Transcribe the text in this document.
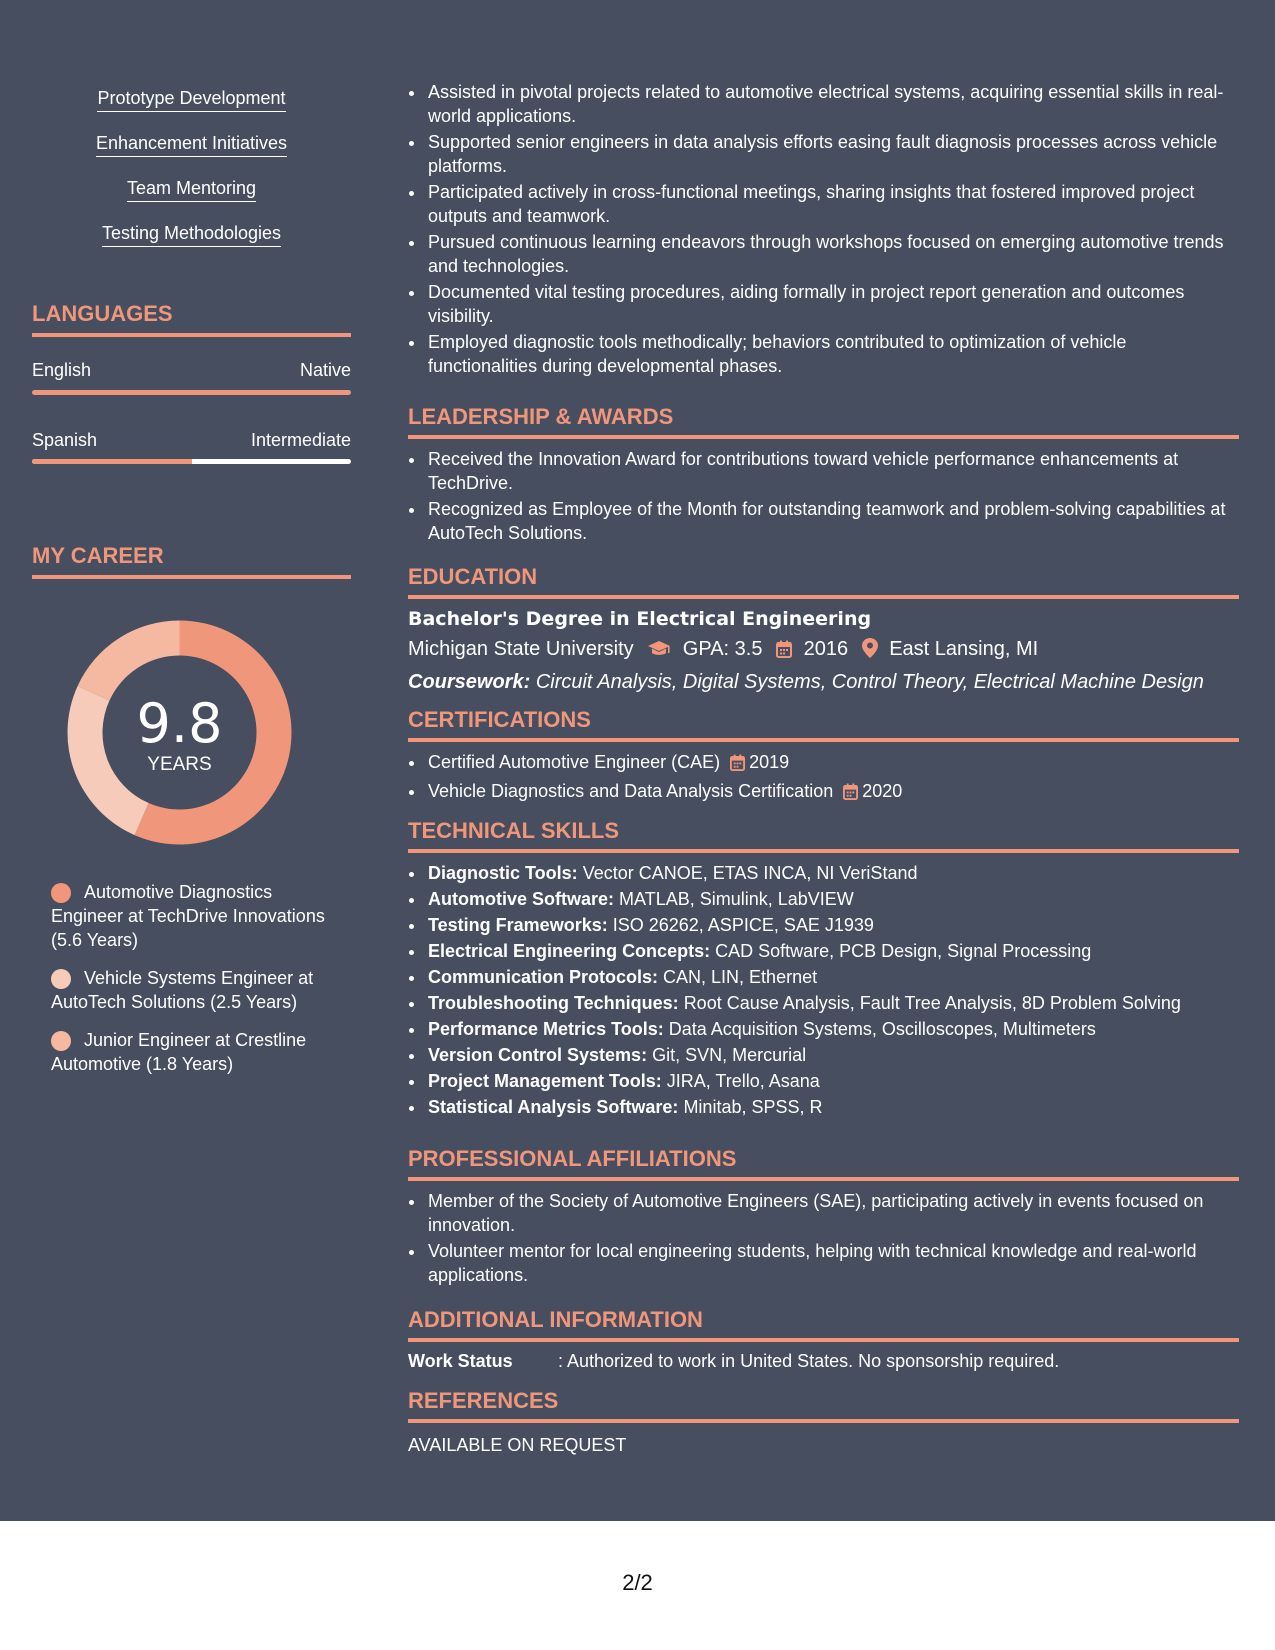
Prototype Development
Enhancement Initiatives
Team Mentoring
Testing Methodologies
LANGUAGES
English	Native
Spanish	Intermediate
MY CAREER
9.8
YEARS
Automotive Diagnostics Engineer at TechDrive Innovations (5.6 Years)
Vehicle Systems Engineer at AutoTech Solutions (2.5 Years)
Junior Engineer at Crestline Automotive (1.8 Years)
• Assisted in pivotal projects related to automotive electrical systems, acquiring essential skills in real-world applications.
• Supported senior engineers in data analysis efforts easing fault diagnosis processes across vehicle platforms.
• Participated actively in cross-functional meetings, sharing insights that fostered improved project outputs and teamwork.
• Pursued continuous learning endeavors through workshops focused on emerging automotive trends and technologies.
• Documented vital testing procedures, aiding formally in project report generation and outcomes visibility.
• Employed diagnostic tools methodically; behaviors contributed to optimization of vehicle functionalities during developmental phases.
LEADERSHIP & AWARDS
• Received the Innovation Award for contributions toward vehicle performance enhancements at TechDrive.
• Recognized as Employee of the Month for outstanding teamwork and problem-solving capabilities at AutoTech Solutions.
EDUCATION
Bachelor's Degree in Electrical Engineering
Michigan State University GPA: 3.5 2016 East Lansing, MI
Coursework: Circuit Analysis, Digital Systems, Control Theory, Electrical Machine Design
CERTIFICATIONS
• Certified Automotive Engineer (CAE) 2019
• Vehicle Diagnostics and Data Analysis Certification 2020
TECHNICAL SKILLS
• Diagnostic Tools: Vector CANOE, ETAS INCA, NI VeriStand
• Automotive Software: MATLAB, Simulink, LabVIEW
• Testing Frameworks: ISO 26262, ASPICE, SAE J1939
• Electrical Engineering Concepts: CAD Software, PCB Design, Signal Processing
• Communication Protocols: CAN, LIN, Ethernet
• Troubleshooting Techniques: Root Cause Analysis, Fault Tree Analysis, 8D Problem Solving
• Performance Metrics Tools: Data Acquisition Systems, Oscilloscopes, Multimeters
• Version Control Systems: Git, SVN, Mercurial
• Project Management Tools: JIRA, Trello, Asana
• Statistical Analysis Software: Minitab, SPSS, R
PROFESSIONAL AFFILIATIONS
• Member of the Society of Automotive Engineers (SAE), participating actively in events focused on innovation.
• Volunteer mentor for local engineering students, helping with technical knowledge and real-world applications.
ADDITIONAL INFORMATION
Work Status	: Authorized to work in United States. No sponsorship required.
REFERENCES
AVAILABLE ON REQUEST
2/2
